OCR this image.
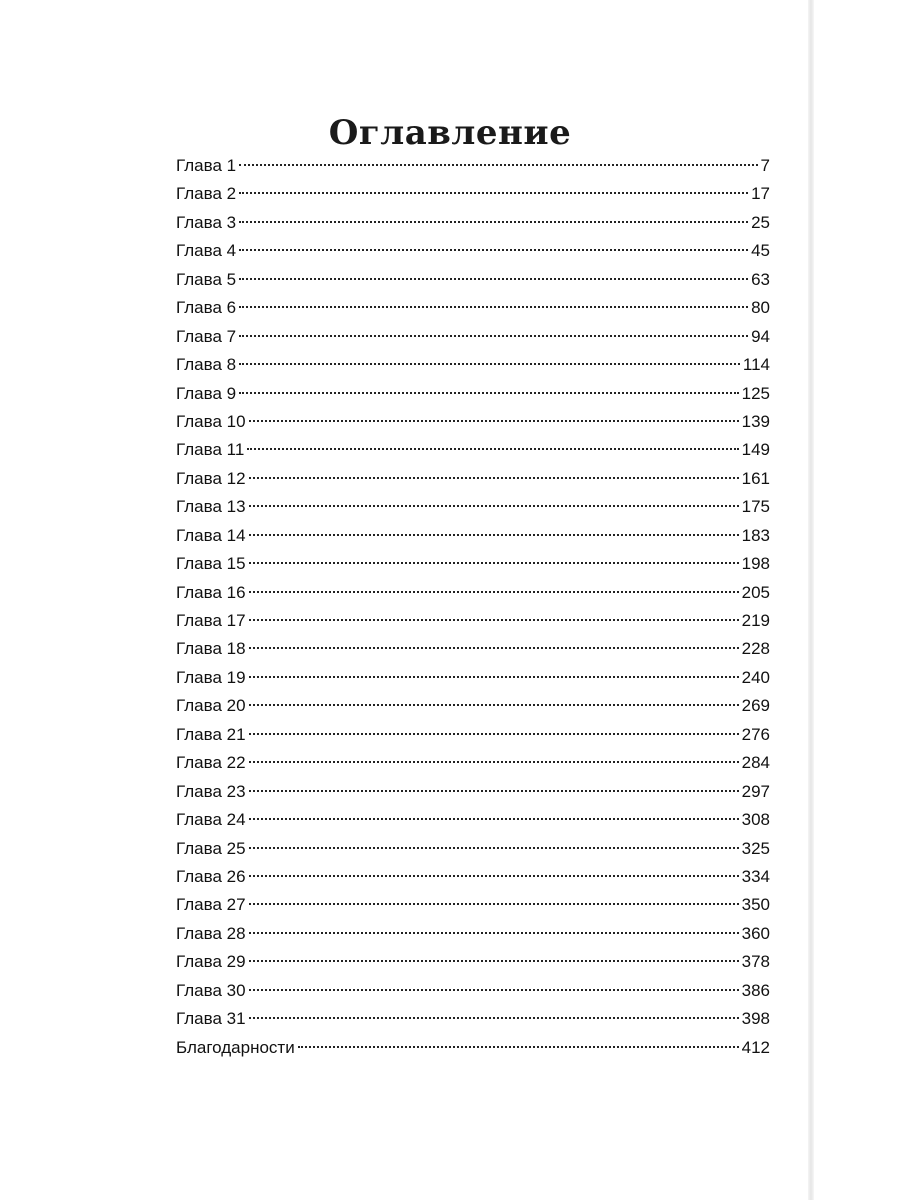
Оглавление
Глава 1	7
Глава 2	17
Глава 3	25
Глава 4	45
Глава 5	63
Глава 6	80
Глава 7	94
Глава 8	114
Глава 9	125
Глава 10	139
Глава 11	149
Глава 12	161
Глава 13	175
Глава 14	183
Глава 15	198
Глава 16	205
Глава 17	219
Глава 18	228
Глава 19	240
Глава 20	269
Глава 21	276
Глава 22	284
Глава 23	297
Глава 24	308
Глава 25	325
Глава 26	334
Глава 27	350
Глава 28	360
Глава 29	378
Глава 30	386
Глава 31	398
Благодарности	412
